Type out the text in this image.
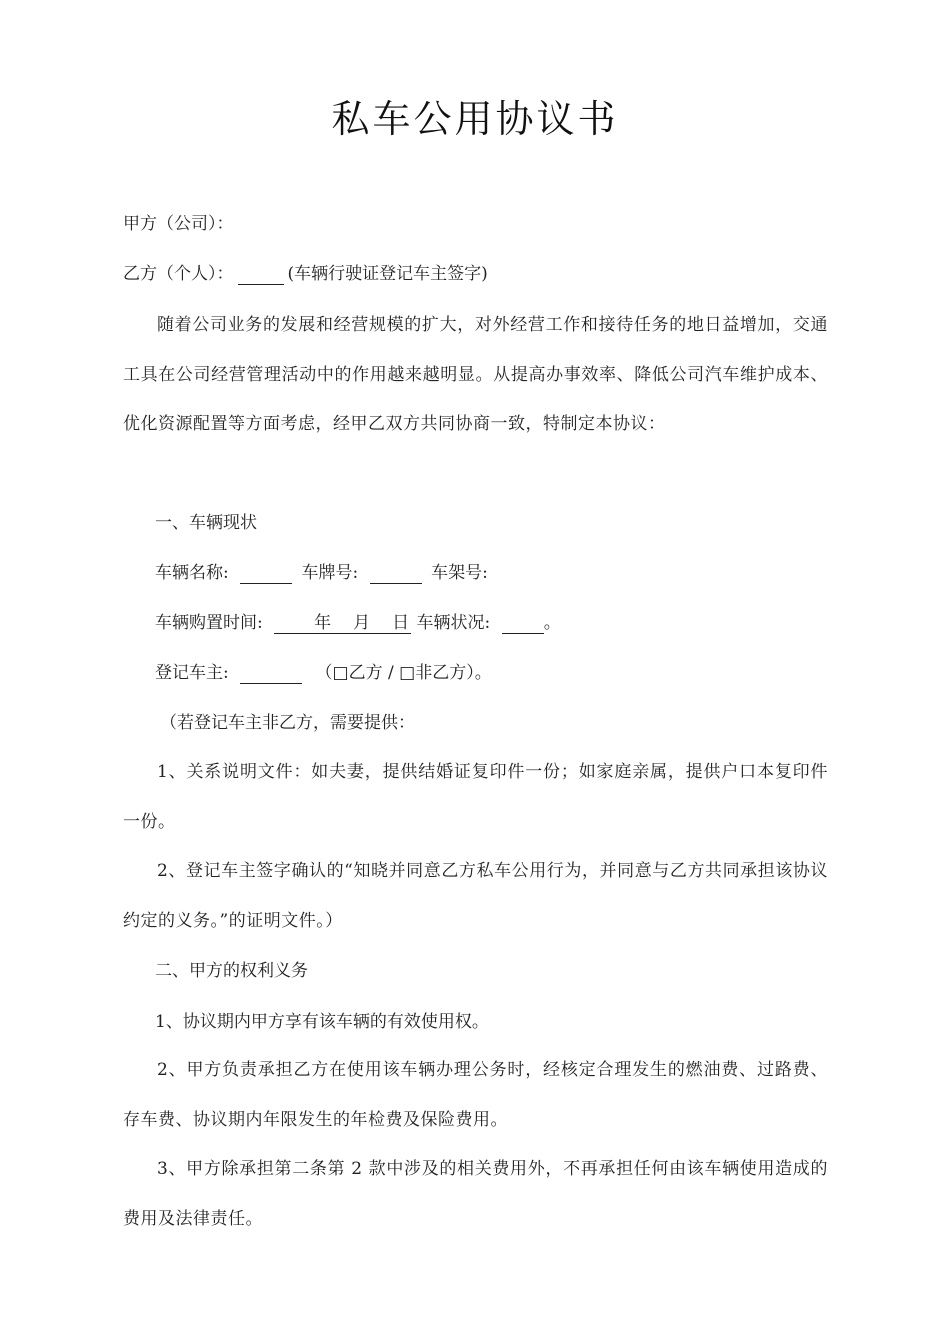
私车公用协议书
甲方（公司）：
乙方（个人）：	(车辆行驶证登记车主签字)
随着公司业务的发展和经营规模的扩大，对外经营工作和接待任务的地日益增加，交通工具在公司经营管理活动中的作用越来越明显。从提高办事效率、降低公司汽车维护成本、优化资源配置等方面考虑，经甲乙双方共同协商一致，特制定本协议：
一、车辆现状
车辆名称:	车牌号:	车架号:
车辆购置时间:	年 月 日 车辆状况:	。
登记车主:	（□乙方 / □非乙方）。
（若登记车主非乙方，需要提供：
1、关系说明文件：如夫妻，提供结婚证复印件一份；如家庭亲属，提供户口本复印件一份。
2、登记车主签字确认的“知晓并同意乙方私车公用行为，并同意与乙方共同承担该协议约定的义务。”的证明文件。）
二、甲方的权利义务
1、协议期内甲方享有该车辆的有效使用权。
2、甲方负责承担乙方在使用该车辆办理公务时，经核定合理发生的燃油费、过路费、存车费、协议期内年限发生的年检费及保险费用。
3、甲方除承担第二条第 2 款中涉及的相关费用外，不再承担任何由该车辆使用造成的费用及法律责任。
